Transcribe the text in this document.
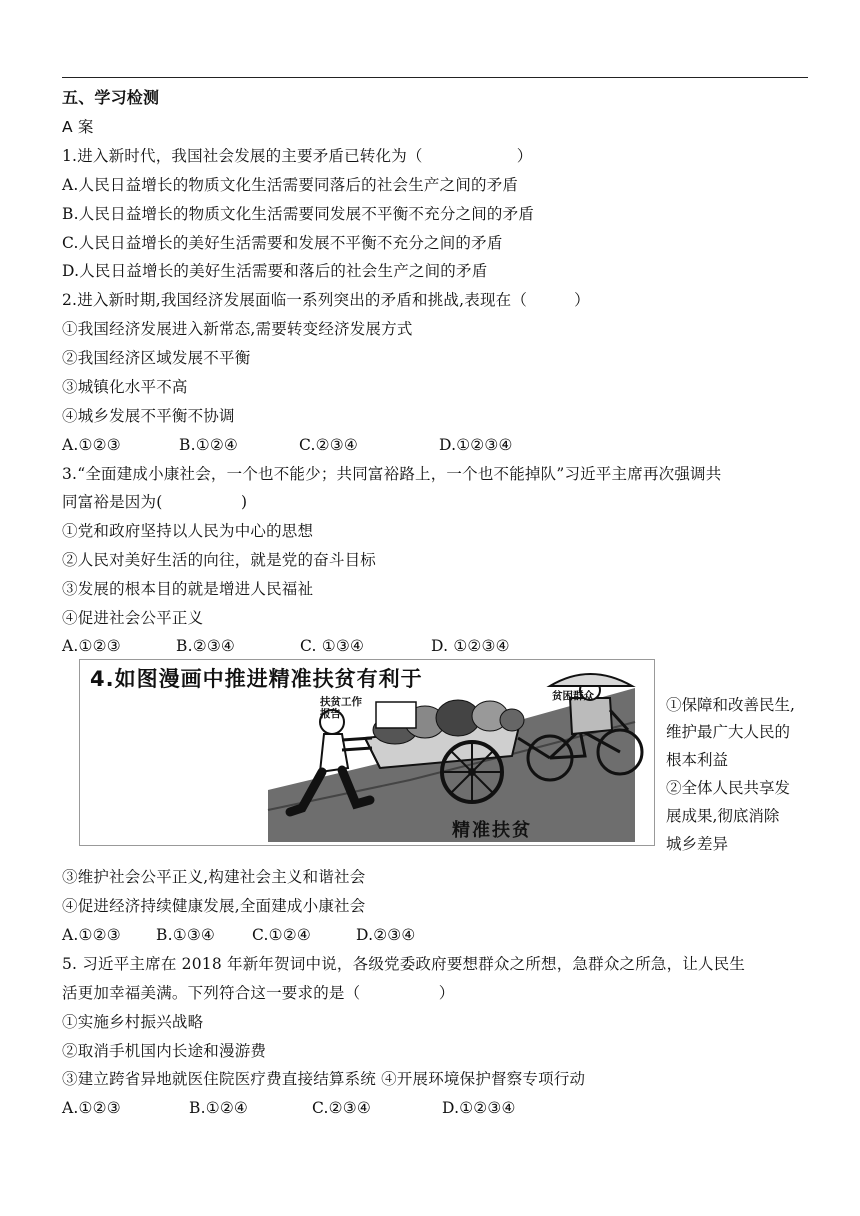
五、学习检测
A 案
1.进入新时代，我国社会发展的主要矛盾已转化为（　　　　　　）
A.人民日益增长的物质文化生活需要同落后的社会生产之间的矛盾
B.人民日益增长的物质文化生活需要同发展不平衡不充分之间的矛盾
C.人民日益增长的美好生活需要和发展不平衡不充分之间的矛盾
D.人民日益增长的美好生活需要和落后的社会生产之间的矛盾
2.进入新时期,我国经济发展面临一系列突出的矛盾和挑战,表现在（　　　）
①我国经济发展进入新常态,需要转变经济发展方式
②我国经济区域发展不平衡
③城镇化水平不高
④城乡发展不平衡不协调
A.①②③	B.①②④	C.②③④	D.①②③④
3.“全面建成小康社会，一个也不能少；共同富裕路上，一个也不能掉队”习近平主席再次强调共
同富裕是因为(　　　　　)
①党和政府坚持以人民为中心的思想
②人民对美好生活的向往，就是党的奋斗目标
③发展的根本目的就是增进人民福祉
④促进社会公平正义
A.①②③	B.②③④	C. ①③④	D. ①②③④
4.如图漫画中推进精准扶贫有利于
扶贫工作报告
贫困群众
精准扶贫
①保障和改善民生,
维护最广大人民的
根本利益
②全体人民共享发
展成果,彻底消除
城乡差异
③维护社会公平正义,构建社会主义和谐社会
④促进经济持续健康发展,全面建成小康社会
A.①②③ B.①③④ C.①②④	D.②③④
5. 习近平主席在 2018 年新年贺词中说，各级党委政府要想群众之所想，急群众之所急，让人民生
活更加幸福美满。下列符合这一要求的是（　　　　　）
①实施乡村振兴战略
②取消手机国内长途和漫游费
③建立跨省异地就医住院医疗费直接结算系统 ④开展环境保护督察专项行动
A.①②③	B.①②④	C.②③④	D.①②③④
